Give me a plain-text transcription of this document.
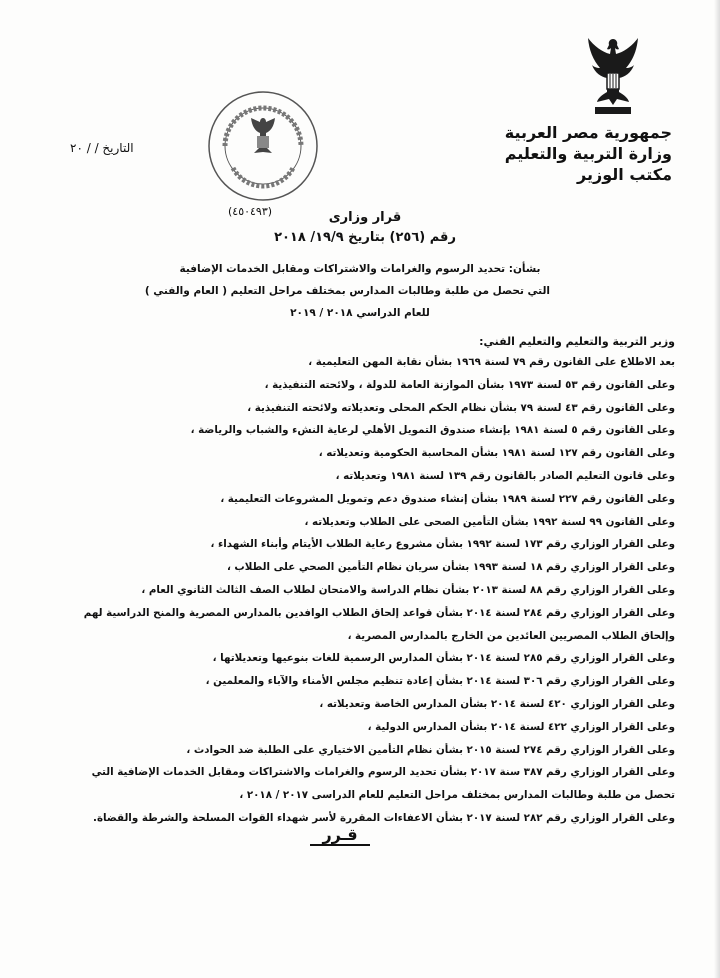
جمهورية مصر العربية
وزارة التربية والتعليم
مكتب الوزير
التاريخ / / ٢٠
(٤٥٠٤٩٣)	قرار وزارى
رقم (٢٥٦) بتاريخ ١٩/٩/ ٢٠١٨
بشأن: تحديد الرسوم والغرامات والاشتراكات ومقابل الخدمات الإضافية
التي تحصل من طلبة وطالبات المدارس بمختلف مراحل التعليم ( العام والفني )
للعام الدراسي ٢٠١٨ / ٢٠١٩
وزير التربية والتعليم والتعليم الفني:
بعد الاطلاع على القانون رقم ٧٩ لسنة ١٩٦٩ بشأن نقابة المهن التعليمية ،
وعلى القانون رقم ٥٣ لسنة ١٩٧٣ بشأن الموازنة العامة للدولة ، ولائحته التنفيذية ،
وعلى القانون رقم ٤٣ لسنة ٧٩ بشأن نظام الحكم المحلى وتعديلاته ولائحته التنفيذية ،
وعلى القانون رقم ٥ لسنة ١٩٨١ بإنشاء صندوق التمويل الأهلي لرعاية النشء والشباب والرياضة ،
وعلى القانون رقم ١٢٧ لسنة ١٩٨١ بشأن المحاسبة الحكومية وتعديلاته ،
وعلى قانون التعليم الصادر بالقانون رقم ١٣٩ لسنة ١٩٨١ وتعديلاته ،
وعلى القانون رقم ٢٢٧ لسنة ١٩٨٩ بشأن إنشاء صندوق دعم وتمويل المشروعات التعليمية ،
وعلى القانون ٩٩ لسنة ١٩٩٢ بشأن التأمين الصحى على الطلاب وتعديلاته ،
وعلى القرار الوزاري رقم ١٧٣ لسنة ١٩٩٢ بشأن مشروع رعاية الطلاب الأيتام وأبناء الشهداء ،
وعلى القرار الوزاري رقم ١٨ لسنة ١٩٩٣ بشأن سريان نظام التأمين الصحي على الطلاب ،
وعلى القرار الوزاري رقم ٨٨ لسنة ٢٠١٣ بشأن نظام الدراسة والامتحان لطلاب الصف الثالث الثانوي العام ،
وعلى القرار الوزاري رقم ٢٨٤ لسنة ٢٠١٤ بشأن قواعد إلحاق الطلاب الوافدين بالمدارس المصرية والمنح الدراسية لهم
وإلحاق الطلاب المصريين العائدين من الخارج بالمدارس المصرية ،
وعلى القرار الوزاري رقم ٢٨٥ لسنة ٢٠١٤ بشأن المدارس الرسمية للغات بنوعيها وتعديلاتها ،
وعلى القرار الوزاري رقم ٣٠٦ لسنة ٢٠١٤ بشأن إعادة تنظيم مجلس الأمناء والآباء والمعلمين ،
وعلى القرار الوزاري ٤٢٠ لسنة ٢٠١٤ بشأن المدارس الخاصة وتعديلاته ،
وعلى القرار الوزاري ٤٢٢ لسنة ٢٠١٤ بشأن المدارس الدولية ،
وعلى القرار الوزاري رقم ٢٧٤ لسنة ٢٠١٥ بشأن نظام التأمين الاختياري على الطلبة ضد الحوادث ،
وعلى القرار الوزاري رقم ٣٨٧ سنة ٢٠١٧ بشأن تحديد الرسوم والغرامات والاشتراكات ومقابل الخدمات الإضافية التي
تحصل من طلبة وطالبات المدارس بمختلف مراحل التعليم للعام الدراسى ٢٠١٧ / ٢٠١٨ ،
وعلى القرار الوزاري رقم ٢٨٢ لسنة ٢٠١٧ بشأن الاعفاءات المقررة لأسر شهداء القوات المسلحة والشرطة والقضاة.
قـرر
